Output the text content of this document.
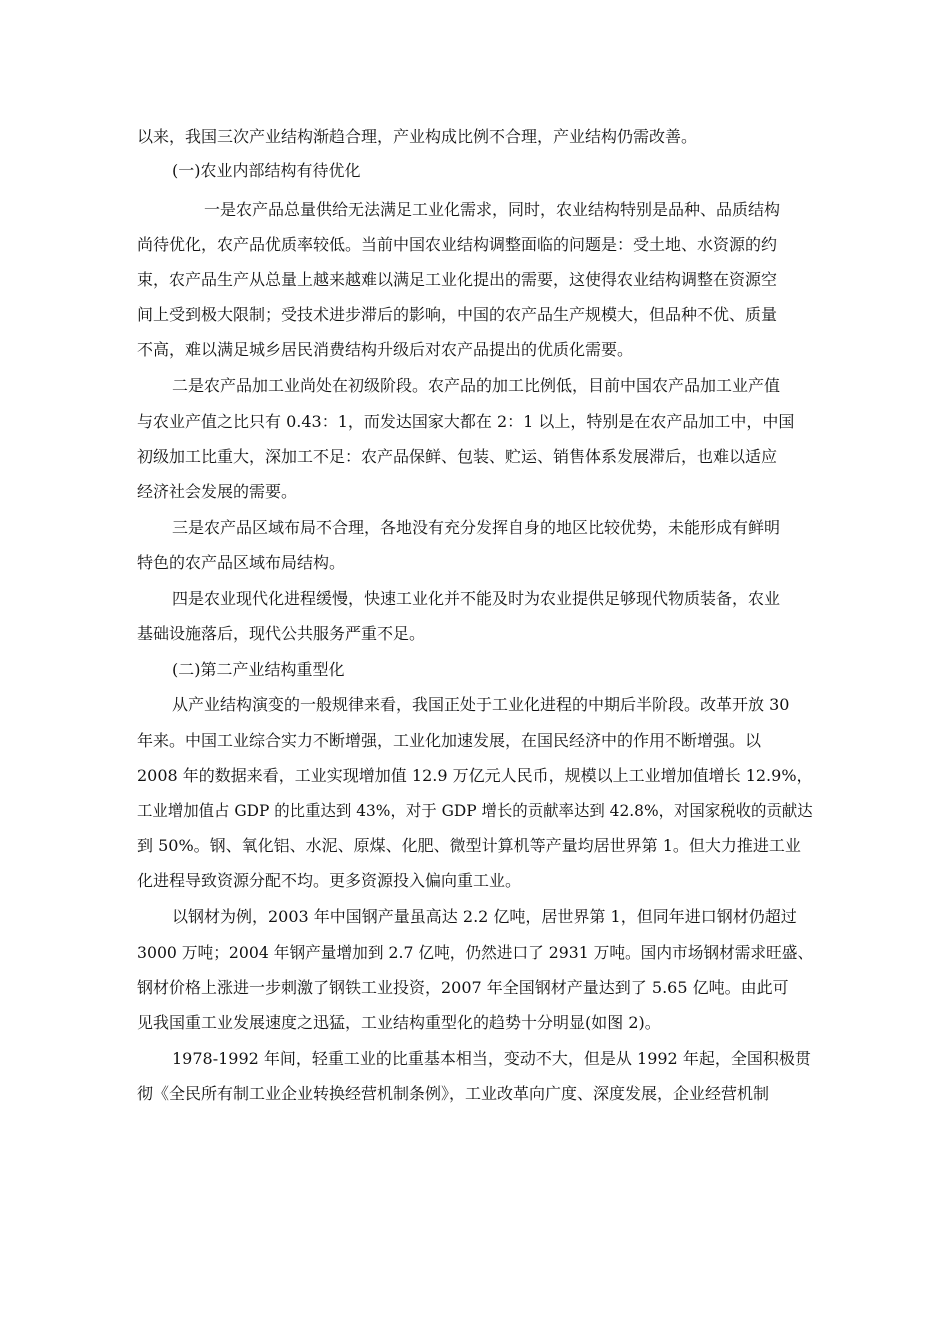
以来，我国三次产业结构渐趋合理，产业构成比例不合理，产业结构仍需改善。
(一)农业内部结构有待优化
一是农产品总量供给无法满足工业化需求，同时，农业结构特别是品种、品质结构
尚待优化，农产品优质率较低。当前中国农业结构调整面临的问题是：受土地、水资源的约
束，农产品生产从总量上越来越难以满足工业化提出的需要，这使得农业结构调整在资源空
间上受到极大限制；受技术进步滞后的影响，中国的农产品生产规模大，但品种不优、质量
不高，难以满足城乡居民消费结构升级后对农产品提出的优质化需要。
二是农产品加工业尚处在初级阶段。农产品的加工比例低，目前中国农产品加工业产值
与农业产值之比只有 0.43：1，而发达国家大都在 2：1 以上，特别是在农产品加工中，中国
初级加工比重大，深加工不足：农产品保鲜、包装、贮运、销售体系发展滞后，也难以适应
经济社会发展的需要。
三是农产品区域布局不合理，各地没有充分发挥自身的地区比较优势，未能形成有鲜明
特色的农产品区域布局结构。
四是农业现代化进程缓慢，快速工业化并不能及时为农业提供足够现代物质装备，农业
基础设施落后，现代公共服务严重不足。
(二)第二产业结构重型化
从产业结构演变的一般规律来看，我国正处于工业化进程的中期后半阶段。改革开放 30
年来。中国工业综合实力不断增强，工业化加速发展，在国民经济中的作用不断增强。以
2008 年的数据来看，工业实现增加值 12.9 万亿元人民币，规模以上工业增加值增长 12.9%，
工业增加值占 GDP 的比重达到 43%，对于 GDP 增长的贡献率达到 42.8%，对国家税收的贡献达
到 50%。钢、氧化铝、水泥、原煤、化肥、微型计算机等产量均居世界第 1。但大力推进工业
化进程导致资源分配不均。更多资源投入偏向重工业。
以钢材为例，2003 年中国钢产量虽高达 2.2 亿吨，居世界第 1，但同年进口钢材仍超过
3000 万吨；2004 年钢产量增加到 2.7 亿吨，仍然进口了 2931 万吨。国内市场钢材需求旺盛、
钢材价格上涨进一步刺激了钢铁工业投资，2007 年全国钢材产量达到了 5.65 亿吨。由此可
见我国重工业发展速度之迅猛，工业结构重型化的趋势十分明显(如图 2)。
1978-1992 年间，轻重工业的比重基本相当，变动不大，但是从 1992 年起，全国积极贯
彻《全民所有制工业企业转换经营机制条例》，工业改革向广度、深度发展，企业经营机制
